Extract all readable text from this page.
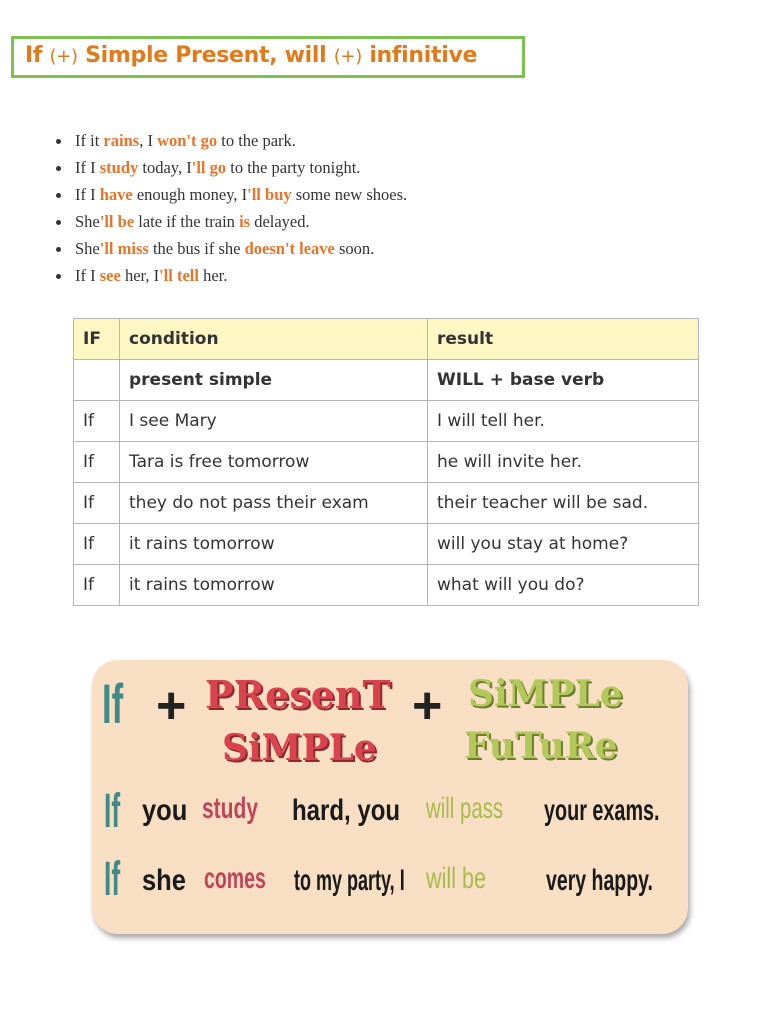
If (+) Simple Present, will (+) infinitive
If it rains, I won't go to the park.
If I study today, I'll go to the party tonight.
If I have enough money, I'll buy some new shoes.
She'll be late if the train is delayed.
She'll miss the bus if she doesn't leave soon.
If I see her, I'll tell her.
IF	condition	result
	present simple	WILL + base verb
If	I see Mary	I will tell her.
If	Tara is free tomorrow	he will invite her.
If	they do not pass their exam	their teacher will be sad.
If	it rains tomorrow	will you stay at home?
If	it rains tomorrow	what will you do?
If + PResenT + SiMPLe
SiMPLe FuTuRe
If you study hard, you will pass your exams.
If she comes to my party, I will be very happy.
